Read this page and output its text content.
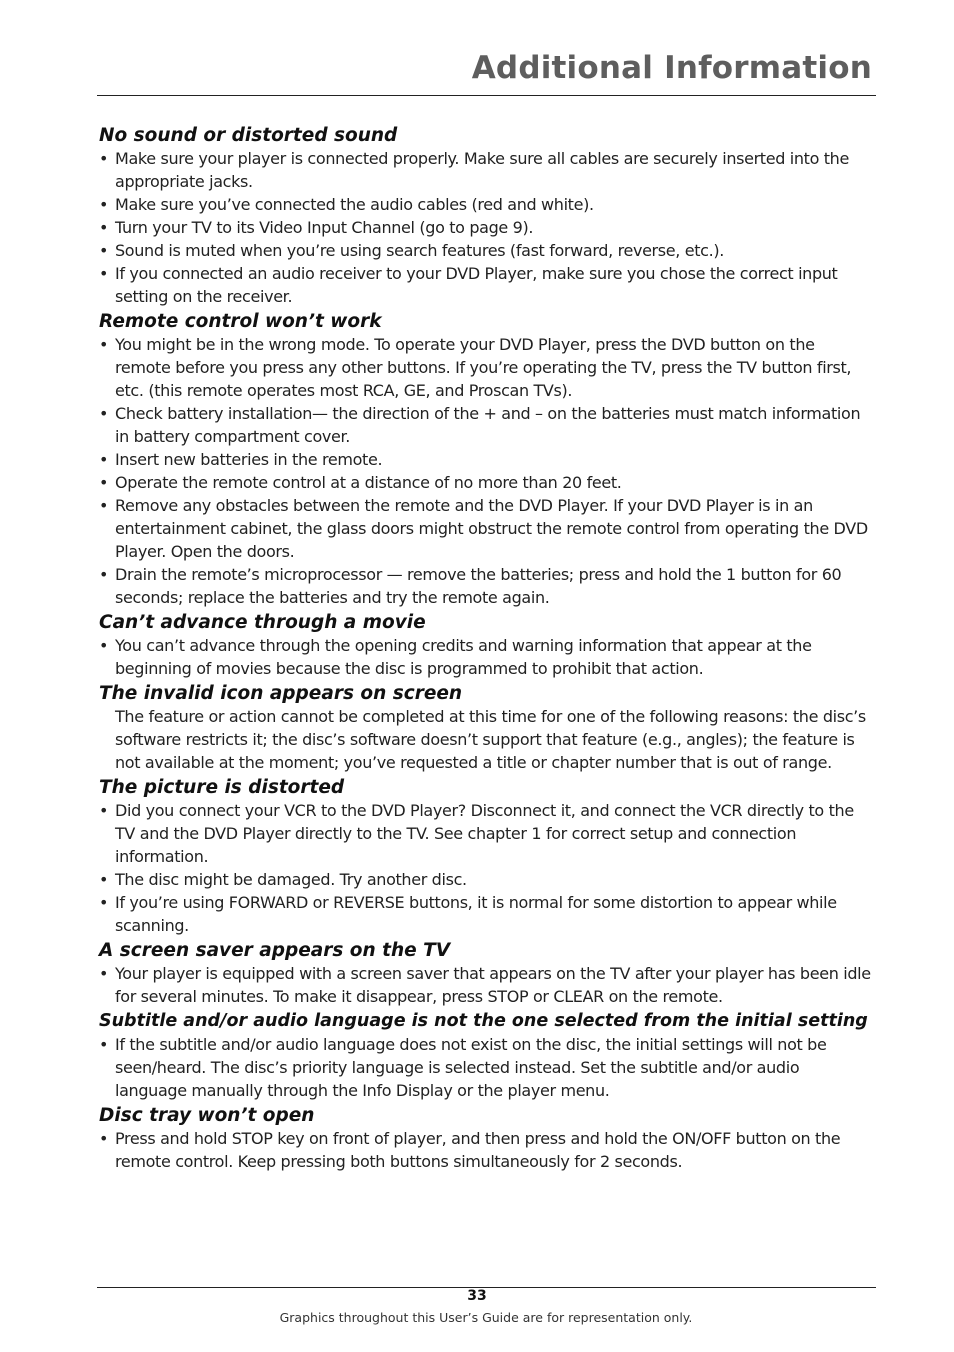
Additional Information
No sound or distorted sound
• Make sure your player is connected properly. Make sure all cables are securely inserted into the appropriate jacks.
• Make sure you’ve connected the audio cables (red and white).
• Turn your TV to its Video Input Channel (go to page 9).
• Sound is muted when you’re using search features (fast forward, reverse, etc.).
• If you connected an audio receiver to your DVD Player, make sure you chose the correct input setting on the receiver.
Remote control won’t work
• You might be in the wrong mode. To operate your DVD Player, press the DVD button on the remote before you press any other buttons. If you’re operating the TV, press the TV button first, etc. (this remote operates most RCA, GE, and Proscan TVs).
• Check battery installation— the direction of the + and – on the batteries must match information in battery compartment cover.
• Insert new batteries in the remote.
• Operate the remote control at a distance of no more than 20 feet.
• Remove any obstacles between the remote and the DVD Player. If your DVD Player is in an entertainment cabinet, the glass doors might obstruct the remote control from operating the DVD Player. Open the doors.
• Drain the remote’s microprocessor — remove the batteries; press and hold the 1 button for 60 seconds; replace the batteries and try the remote again.
Can’t advance through a movie
• You can’t advance through the opening credits and warning information that appear at the beginning of movies because the disc is programmed to prohibit that action.
The invalid icon appears on screen

The feature or action cannot be completed at this time for one of the following reasons: the disc’s software restricts it; the disc’s software doesn’t support that feature (e.g., angles); the feature is not available at the moment; you’ve requested a title or chapter number that is out of range.

The picture is distorted
• Did you connect your VCR to the DVD Player? Disconnect it, and connect the VCR directly to the TV and the DVD Player directly to the TV. See chapter 1 for correct setup and connection information.
• The disc might be damaged. Try another disc.
• If you’re using FORWARD or REVERSE buttons, it is normal for some distortion to appear while scanning.
A screen saver appears on the TV
• Your player is equipped with a screen saver that appears on the TV after your player has been idle for several minutes. To make it disappear, press STOP or CLEAR on the remote.
Subtitle and/or audio language is not the one selected from the initial setting
• If the subtitle and/or audio language does not exist on the disc, the initial settings will not be seen/heard. The disc’s priority language is selected instead. Set the subtitle and/or audio language manually through the Info Display or the player menu.
Disc tray won’t open
• Press and hold STOP key on front of player, and then press and hold the ON/OFF button on the remote control. Keep pressing both buttons simultaneously for 2 seconds.
33
Graphics throughout this User’s Guide are for representation only.
